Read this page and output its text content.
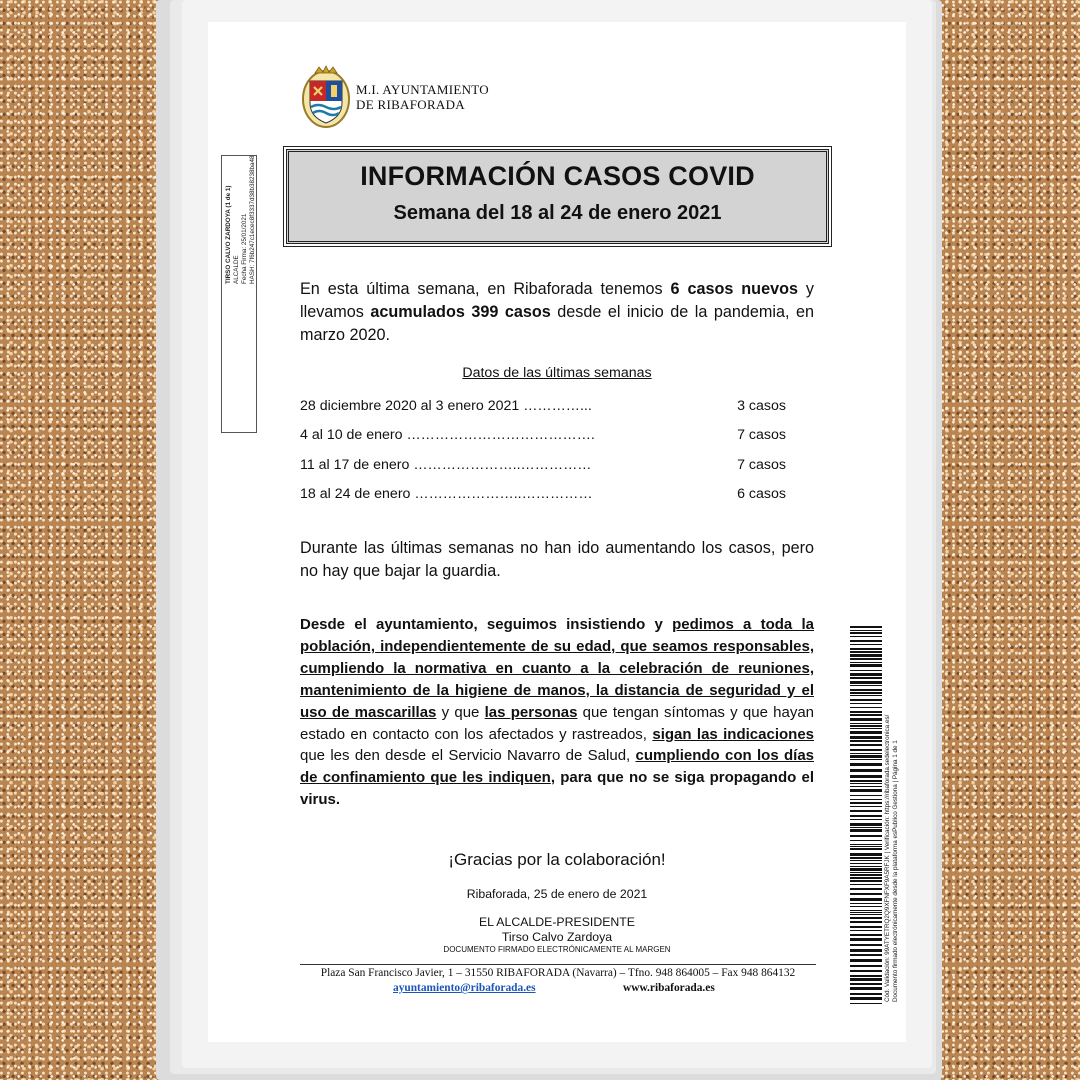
M.I. AYUNTAMIENTO
DE RIBAFORADA
TIRSO CALVO ZARDOYA (1 de 1) ALCALDE Fecha Firma: 25/01/2021 HASH: 7f6b247c1ecec8f3337d38b38238ba48	INFORMACIÓN CASOS COVID
Semana del 18 al 24 de enero 2021
En esta última semana, en Ribaforada tenemos 6 casos nuevos y llevamos acumulados 399 casos desde el inicio de la pandemia, en marzo 2020.
Datos de las últimas semanas
28 diciembre 2020 al 3 enero 2021 …………...	3 casos
4 al 10 de enero ………………………………….	7 casos
11 al 17 de enero …………………..……………	7 casos
18 al 24 de enero …………………..……………	6 casos
Durante las últimas semanas no han ido aumentando los casos, pero no hay que bajar la guardia.
Desde el ayuntamiento, seguimos insistiendo y pedimos a toda la población, independientemente de su edad, que seamos responsables, cumpliendo la normativa en cuanto a la celebración de reuniones, mantenimiento de la higiene de manos, la distancia de seguridad y el uso de mascarillas y que las personas que tengan síntomas y que hayan estado en contacto con los afectados y rastreados, sigan las indicaciones que les den desde el Servicio Navarro de Salud, cumpliendo con los días de confinamiento que les indiquen, para que no se siga propagando el virus.
¡Gracias por la colaboración!
Ribaforada, 25 de enero de 2021
EL ALCALDE-PRESIDENTE
Tirso Calvo Zardoya
DOCUMENTO FIRMADO ELECTRÓNICAMENTE AL MARGEN
Plaza San Francisco Javier, 1 – 31550 RIBAFORADA (Navarra) – Tfno. 948 864005 – Fax 948 864132
ayuntamiento@ribaforada.es	www.ribaforada.es	Cód. Validación: 99ATYETRQ2Q9XFNFXF9A5RFJK | Verificación: https://ribaforada.sedelectronica.es/ Documento firmado electrónicamente desde la plataforma esPublico Gestiona | Página 1 de 1
